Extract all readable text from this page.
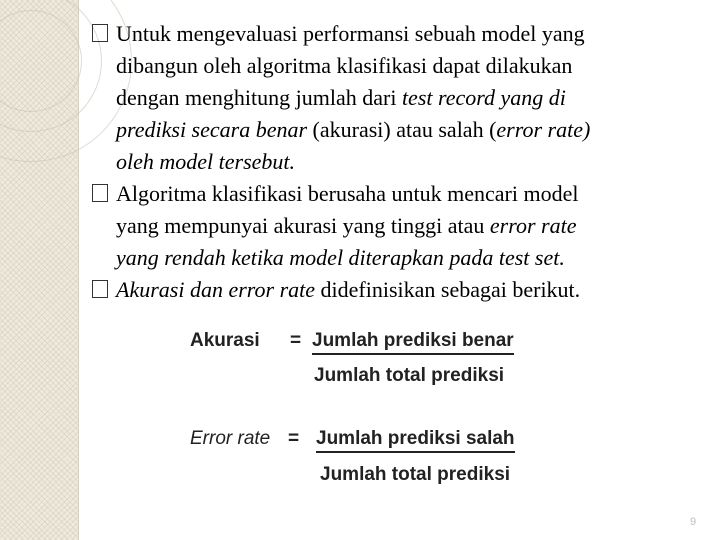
Untuk mengevaluasi performansi sebuah model yang
dibangun oleh algoritma klasifikasi dapat dilakukan
dengan menghitung jumlah dari test record yang di
prediksi secara benar (akurasi) atau salah (error rate)
oleh model tersebut.
Algoritma klasifikasi berusaha untuk mencari model
yang mempunyai akurasi yang tinggi atau error rate
yang rendah ketika model diterapkan pada test set.
Akurasi dan error rate didefinisikan sebagai berikut.
Akurasi = Jumlah prediksi benar
Jumlah total prediksi
Error rate = Jumlah prediksi salah
Jumlah total prediksi
9
